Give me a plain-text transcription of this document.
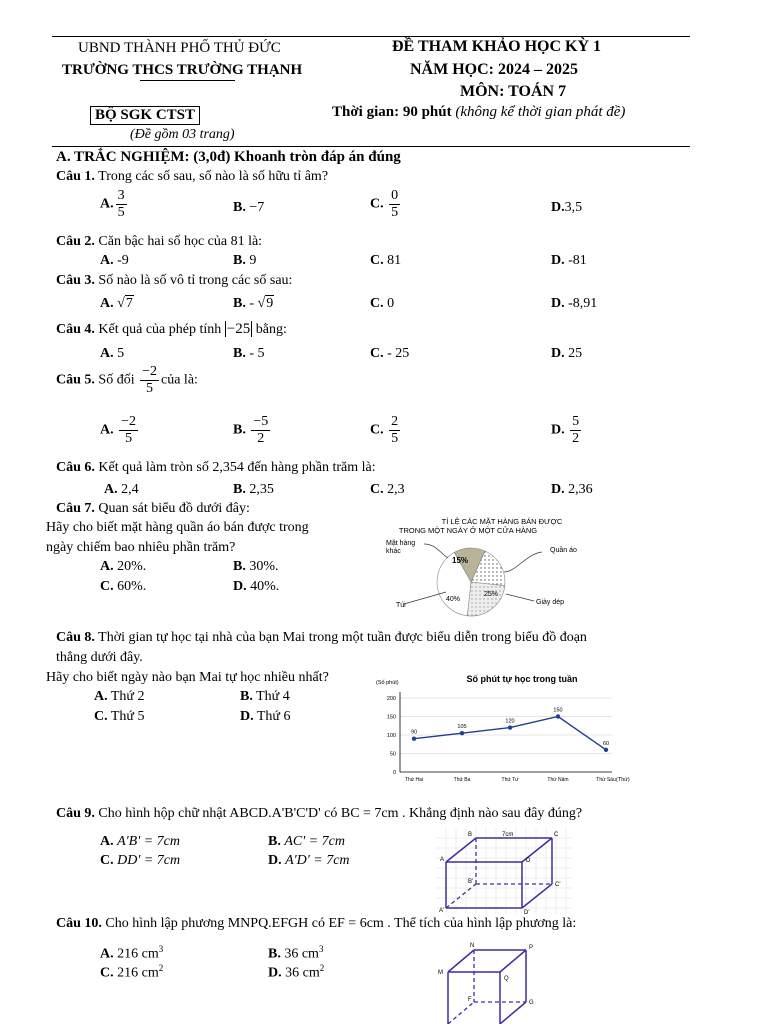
UBND THÀNH PHỐ THỦ ĐỨC
TRƯỜNG THCS TRƯỜNG THẠNH
ĐỀ THAM KHẢO HỌC KỲ 1
NĂM HỌC: 2024 – 2025
MÔN: TOÁN 7
BỘ SGK CTST	Thời gian: 90 phút (không kể thời gian phát đề)
(Đề gồm 03 trang)
A. TRẮC NGHIỆM: (3,0đ) Khoanh tròn đáp án đúng
Câu 1. Trong các số sau, số nào là số hữu tỉ âm?
A. $\frac{3}{5}$	B. −7	C. $\frac{0}{5}$	D.3,5
Câu 2. Căn bậc hai số học của 81 là:
A. -9	B. 9	C. 81	D. -81
Câu 3. Số nào là số vô tỉ trong các số sau:
A. √7	B. - √9	C. 0	D. -8,91
Câu 4. Kết quả của phép tính −25 bằng:
A. 5	B. - 5	C. - 25	D. 25
Câu 5. Số đối $\frac{-2}{5}$ của là:
A. $\frac{-2}{5}$	B. $\frac{-5}{2}$	C. $\frac{2}{5}$	D. $\frac{5}{2}$
Câu 6. Kết quả làm tròn số 2,354 đến hàng phần trăm là:
A. 2,4	B. 2,35	C. 2,3	D. 2,36
Câu 7. Quan sát biểu đồ dưới đây:
Hãy cho biết mặt hàng quần áo bán được trong
ngày chiếm bao nhiêu phần trăm?
A. 20%.	B. 30%.
C. 60%.	D. 40%.
TỈ LỆ CÁC MẶT HÀNG BÁN ĐƯỢC
TRONG MỘT NGÀY Ở MỘT CỬA HÀNG
Mặt hàng
khác	Quần áo
Túi	Giày dép
15%
40%
25%
Câu 8. Thời gian tự học tại nhà của bạn Mai trong một tuần được biểu diễn trong biểu đồ đoạn
thẳng dưới đây.
Hãy cho biết ngày nào bạn Mai tự học nhiều nhất?
A. Thứ 2	B. Thứ 4
C. Thứ 5	D. Thứ 6
Số phút tự học trong tuần
(Số phút)
(Thứ)
0
50
100
150
200
Thứ Hai	Thứ Ba	Thứ Tư	Thứ Năm	Thứ Sáu
90
105
120
150
60
Câu 9. Cho hình hộp chữ nhật ABCD.A'B'C'D' có BC = 7cm . Khẳng định nào sau đây đúng?
A. A'B' = 7cm	B. AC' = 7cm
C. DD' = 7cm	D. A'D' = 7cm
B	C
A	D
B'	C'
A'	D'
7cm
Câu 10. Cho hình lập phương MNPQ.EFGH có EF = 6cm . Thể tích của hình lập phương là:
A. 216 $cm^3$	B. 36 $cm^3$
C. 216 $cm^2$	D. 36 $cm^2$
N	P
M
Q
F	G
